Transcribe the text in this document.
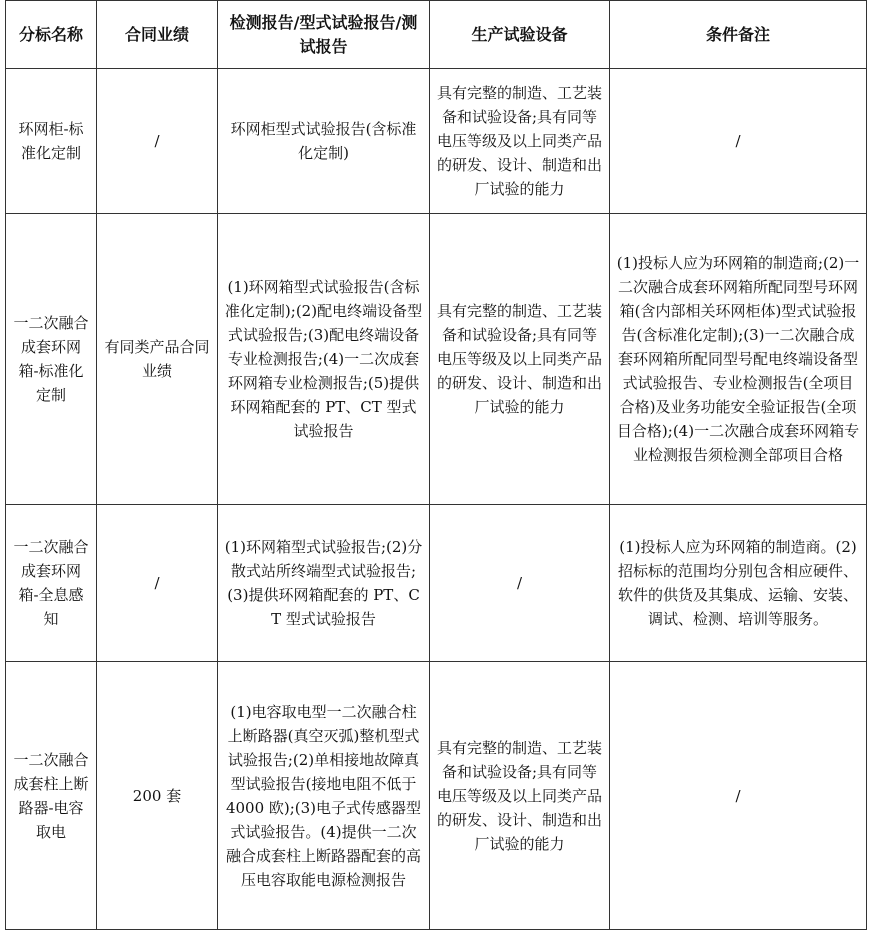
分标名称	合同业绩	检测报告/型式试验报告/测试报告	生产试验设备	条件备注
环网柜-标准化定制	/	环网柜型式试验报告(含标准化定制)	具有完整的制造、工艺装备和试验设备;具有同等电压等级及以上同类产品的研发、设计、制造和出厂试验的能力	/
一二次融合成套环网箱-标准化定制	有同类产品合同业绩	(1)环网箱型式试验报告(含标准化定制);(2)配电终端设备型式试验报告;(3)配电终端设备专业检测报告;(4)一二次成套环网箱专业检测报告;(5)提供环网箱配套的 PT、CT 型式试验报告	具有完整的制造、工艺装备和试验设备;具有同等电压等级及以上同类产品的研发、设计、制造和出厂试验的能力	(1)投标人应为环网箱的制造商;(2)一二次融合成套环网箱所配同型号环网箱(含内部相关环网柜体)型式试验报告(含标准化定制);(3)一二次融合成套环网箱所配同型号配电终端设备型式试验报告、专业检测报告(全项目合格)及业务功能安全验证报告(全项目合格);(4)一二次融合成套环网箱专业检测报告须检测全部项目合格
一二次融合成套环网箱-全息感知	/	(1)环网箱型式试验报告;(2)分散式站所终端型式试验报告;(3)提供环网箱配套的 PT、CT 型式试验报告	/	(1)投标人应为环网箱的制造商。(2)招标标的范围均分别包含相应硬件、软件的供货及其集成、运输、安装、调试、检测、培训等服务。
一二次融合成套柱上断路器-电容取电	200 套	(1)电容取电型一二次融合柱上断路器(真空灭弧)整机型式试验报告;(2)单相接地故障真型试验报告(接地电阻不低于 4000 欧);(3)电子式传感器型式试验报告。(4)提供一二次融合成套柱上断路器配套的高压电容取能电源检测报告	具有完整的制造、工艺装备和试验设备;具有同等电压等级及以上同类产品的研发、设计、制造和出厂试验的能力	/
